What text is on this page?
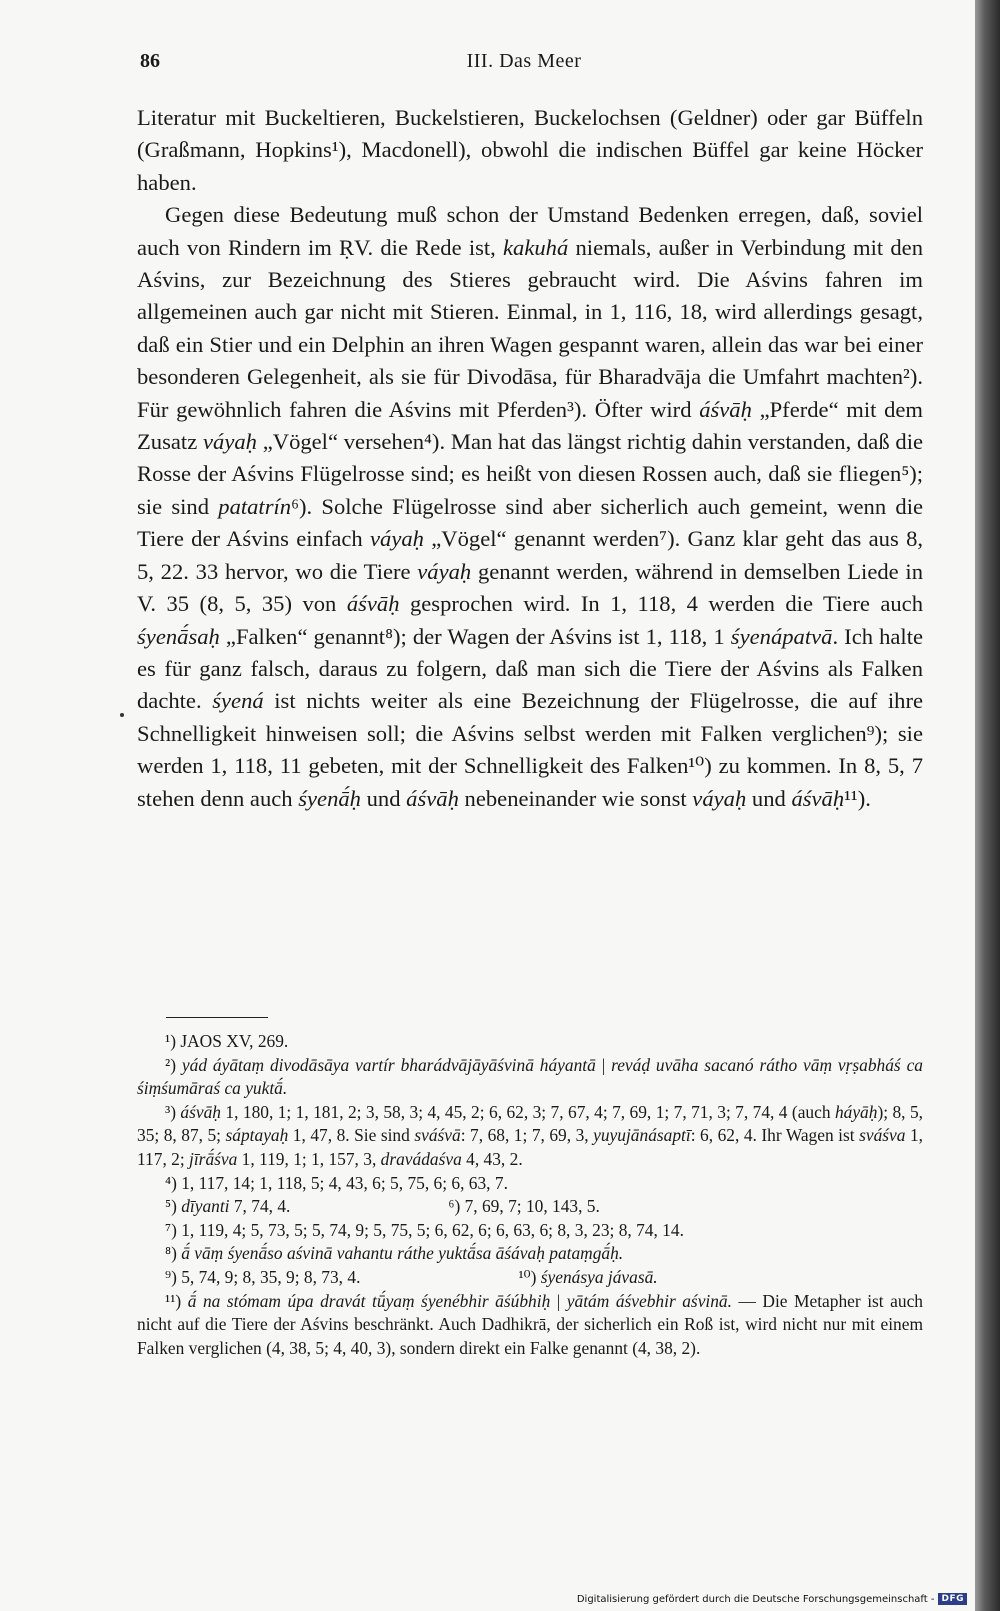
86	III. Das Meer

Literatur mit Buckeltieren, Buckelstieren, Buckelochsen (Geldner) oder gar Büffeln (Graßmann, Hopkins¹), Macdonell), obwohl die indischen Büffel gar keine Höcker haben.

Gegen diese Bedeutung muß schon der Umstand Bedenken erregen, daß, soviel auch von Rindern im ṚV. die Rede ist, kakuhá niemals, außer in Verbindung mit den Aśvins, zur Bezeichnung des Stieres gebraucht wird. Die Aśvins fahren im allgemeinen auch gar nicht mit Stieren. Einmal, in 1, 116, 18, wird allerdings gesagt, daß ein Stier und ein Delphin an ihren Wagen gespannt waren, allein das war bei einer besonderen Gelegenheit, als sie für Divodāsa, für Bharadvāja die Umfahrt machten²). Für gewöhnlich fahren die Aśvins mit Pferden³). Öfter wird áśvāḥ „Pferde“ mit dem Zusatz váyaḥ „Vögel“ versehen⁴). Man hat das längst richtig dahin verstanden, daß die Rosse der Aśvins Flügelrosse sind; es heißt von diesen Rossen auch, daß sie fliegen⁵); sie sind patatrín⁶). Solche Flügelrosse sind aber sicherlich auch gemeint, wenn die Tiere der Aśvins einfach váyaḥ „Vögel“ genannt werden⁷). Ganz klar geht das aus 8, 5, 22. 33 hervor, wo die Tiere váyaḥ genannt werden, während in demselben Liede in V. 35 (8, 5, 35) von áśvāḥ gesprochen wird. In 1, 118, 4 werden die Tiere auch śyenā́saḥ „Falken“ genannt⁸); der Wagen der Aśvins ist 1, 118, 1 śyenápatvā. Ich halte es für ganz falsch, daraus zu folgern, daß man sich die Tiere der Aśvins als Falken dachte. śyená ist nichts weiter als eine Bezeichnung der Flügelrosse, die auf ihre Schnelligkeit hinweisen soll; die Aśvins selbst werden mit Falken verglichen⁹); sie werden 1, 118, 11 gebeten, mit der Schnelligkeit des Falken¹⁰) zu kommen. In 8, 5, 7 stehen denn auch śyenā́ḥ und áśvāḥ nebeneinander wie sonst váyaḥ und áśvāḥ¹¹).

¹) JAOS XV, 269.

²) yád áyātaṃ divodāsāya vartír bharádvājāyāśvinā háyantā | reváḍ uvāha sacanó rátho vāṃ vṛṣabháś ca śiṃśumāraś ca yuktā́.

³) áśvāḥ 1, 180, 1; 1, 181, 2; 3, 58, 3; 4, 45, 2; 6, 62, 3; 7, 67, 4; 7, 69, 1; 7, 71, 3; 7, 74, 4 (auch háyāḥ); 8, 5, 35; 8, 87, 5; sáptayaḥ 1, 47, 8. Sie sind sváśvā: 7, 68, 1; 7, 69, 3, yuyujānásaptī: 6, 62, 4. Ihr Wagen ist sváśva 1, 117, 2; jīrā́śva 1, 119, 1; 1, 157, 3, dravádaśva 4, 43, 2.

⁴) 1, 117, 14; 1, 118, 5; 4, 43, 6; 5, 75, 6; 6, 63, 7.

⁵) dīyanti 7, 74, 4.	⁶) 7, 69, 7; 10, 143, 5.

⁷) 1, 119, 4; 5, 73, 5; 5, 74, 9; 5, 75, 5; 6, 62, 6; 6, 63, 6; 8, 3, 23; 8, 74, 14.

⁸) ā́ vāṃ śyenā́so aśvinā vahantu ráthe yuktā́sa āśávaḥ pataṃgā́ḥ.

⁹) 5, 74, 9; 8, 35, 9; 8, 73, 4.	¹⁰) śyenásya jávasā.

¹¹) ā́ na stómam úpa dravát tū́yaṃ śyenébhir āśúbhiḥ | yātám áśvebhir aśvinā. — Die Metapher ist auch nicht auf die Tiere der Aśvins beschränkt. Auch Dadhikrā, der sicherlich ein Roß ist, wird nicht nur mit einem Falken verglichen (4, 38, 5; 4, 40, 3), sondern direkt ein Falke genannt (4, 38, 2).

Digitalisierung gefördert durch die Deutsche Forschungsgemeinschaft - DFG
